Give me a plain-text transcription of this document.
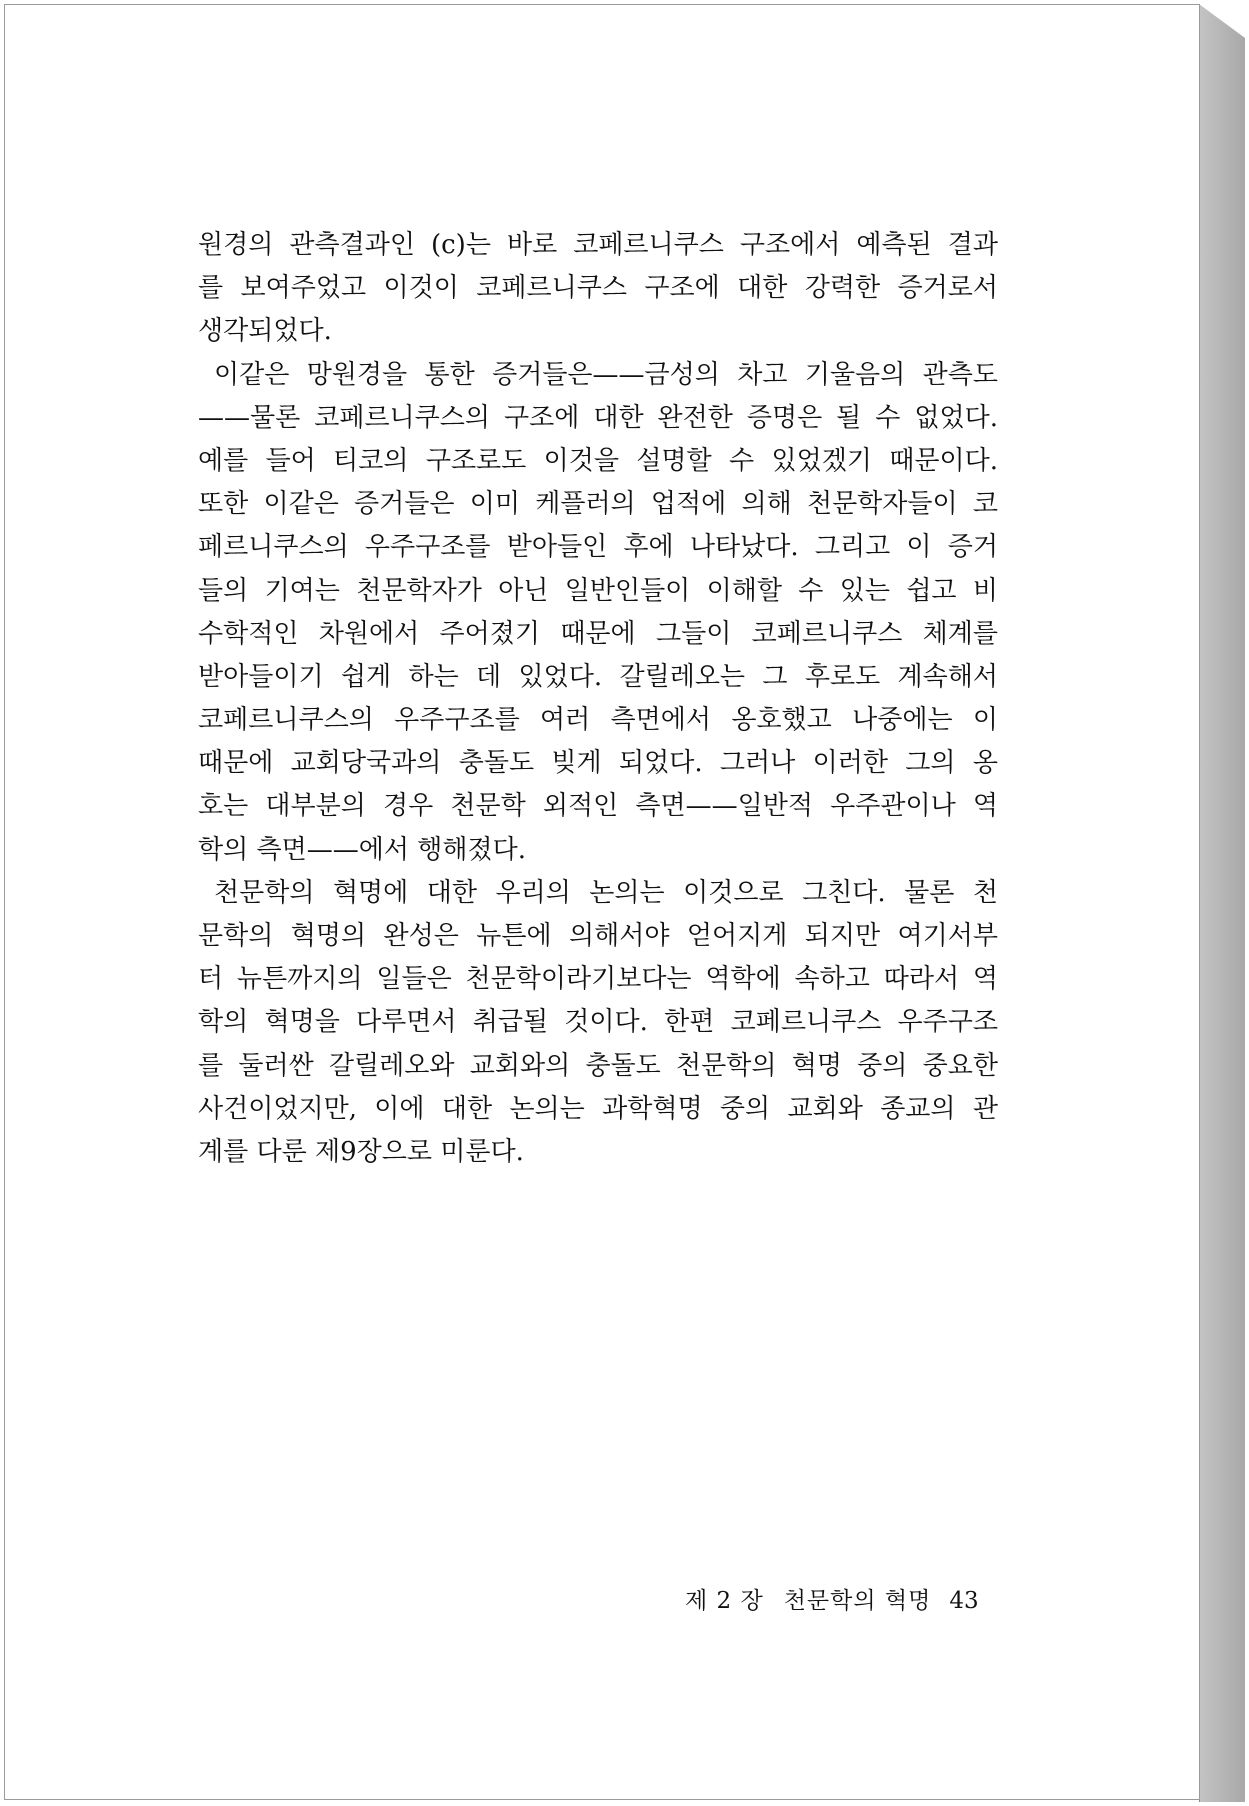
원경의 관측결과인 (c)는 바로 코페르니쿠스 구조에서 예측된 결과
를 보여주었고 이것이 코페르니쿠스 구조에 대한 강력한 증거로서
생각되었다.
이같은 망원경을 통한 증거들은——금성의 차고 기울음의 관측도
——물론 코페르니쿠스의 구조에 대한 완전한 증명은 될 수 없었다.
예를 들어 티코의 구조로도 이것을 설명할 수 있었겠기 때문이다.
또한 이같은 증거들은 이미 케플러의 업적에 의해 천문학자들이 코
페르니쿠스의 우주구조를 받아들인 후에 나타났다. 그리고 이 증거
들의 기여는 천문학자가 아닌 일반인들이 이해할 수 있는 쉽고 비
수학적인 차원에서 주어졌기 때문에 그들이 코페르니쿠스 체계를
받아들이기 쉽게 하는 데 있었다. 갈릴레오는 그 후로도 계속해서
코페르니쿠스의 우주구조를 여러 측면에서 옹호했고 나중에는 이
때문에 교회당국과의 충돌도 빚게 되었다. 그러나 이러한 그의 옹
호는 대부분의 경우 천문학 외적인 측면——일반적 우주관이나 역
학의 측면——에서 행해졌다.
천문학의 혁명에 대한 우리의 논의는 이것으로 그친다. 물론 천
문학의 혁명의 완성은 뉴튼에 의해서야 얻어지게 되지만 여기서부
터 뉴튼까지의 일들은 천문학이라기보다는 역학에 속하고 따라서 역
학의 혁명을 다루면서 취급될 것이다. 한편 코페르니쿠스 우주구조
를 둘러싼 갈릴레오와 교회와의 충돌도 천문학의 혁명 중의 중요한
사건이었지만, 이에 대한 논의는 과학혁명 중의 교회와 종교의 관
계를 다룬 제9장으로 미룬다.
제 2 장 천문학의 혁명 43
